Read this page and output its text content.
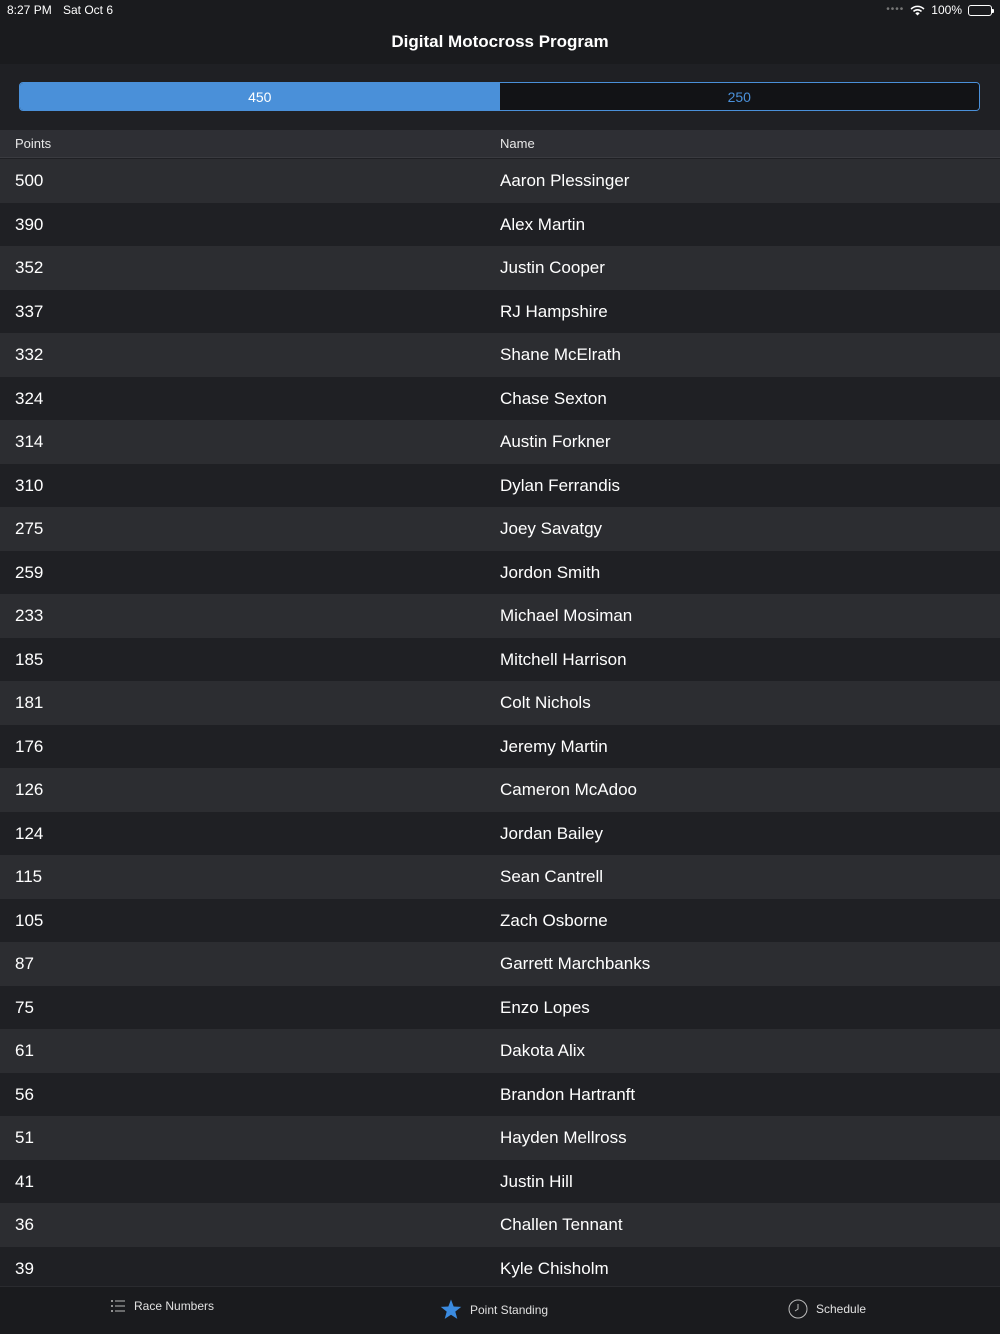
8:27 PM Sat Oct 6	•••• 100%
Digital Motocross Program
450	250
Points	Name
500	Aaron Plessinger
390	Alex Martin
352	Justin Cooper
337	RJ Hampshire
332	Shane McElrath
324	Chase Sexton
314	Austin Forkner
310	Dylan Ferrandis
275	Joey Savatgy
259	Jordon Smith
233	Michael Mosiman
185	Mitchell Harrison
181	Colt Nichols
176	Jeremy Martin
126	Cameron McAdoo
124	Jordan Bailey
115	Sean Cantrell
105	Zach Osborne
87	Garrett Marchbanks
75	Enzo Lopes
61	Dakota Alix
56	Brandon Hartranft
51	Hayden Mellross
41	Justin Hill
36	Challen Tennant
39	Kyle Chisholm
Race Numbers	Point Standing	Schedule
